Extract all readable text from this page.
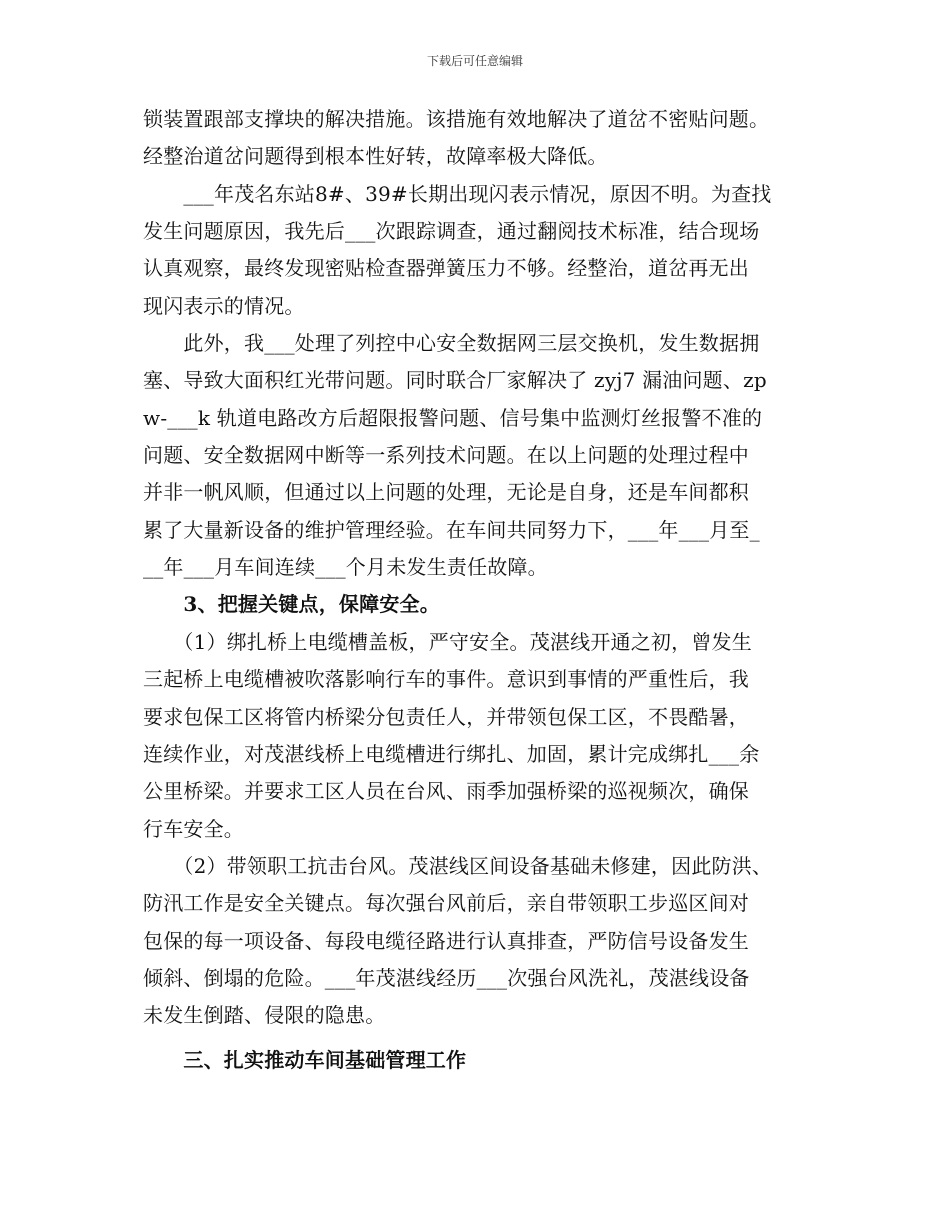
下载后可任意编辑
锁装置跟部支撑块的解决措施。该措施有效地解决了道岔不密贴问题。
经整治道岔问题得到根本性好转，故障率极大降低。
　　___年茂名东站8#、39#长期出现闪表示情况，原因不明。为查找
发生问题原因，我先后___次跟踪调查，通过翻阅技术标准，结合现场
认真观察，最终发现密贴检查器弹簧压力不够。经整治，道岔再无出
现闪表示的情况。
　　此外，我___处理了列控中心安全数据网三层交换机，发生数据拥
塞、导致大面积红光带问题。同时联合厂家解决了 zyj7 漏油问题、zp
w-___k 轨道电路改方后超限报警问题、信号集中监测灯丝报警不准的
问题、安全数据网中断等一系列技术问题。在以上问题的处理过程中
并非一帆风顺，但通过以上问题的处理，无论是自身，还是车间都积
累了大量新设备的维护管理经验。在车间共同努力下，___年___月至_
__年___月车间连续___个月未发生责任故障。
　　3、把握关键点，保障安全。
　　（1）绑扎桥上电缆槽盖板，严守安全。茂湛线开通之初，曾发生
三起桥上电缆槽被吹落影响行车的事件。意识到事情的严重性后，我
要求包保工区将管内桥梁分包责任人，并带领包保工区，不畏酷暑，
连续作业，对茂湛线桥上电缆槽进行绑扎、加固，累计完成绑扎___余
公里桥梁。并要求工区人员在台风、雨季加强桥梁的巡视频次，确保
行车安全。
　　（2）带领职工抗击台风。茂湛线区间设备基础未修建，因此防洪、
防汛工作是安全关键点。每次强台风前后，亲自带领职工步巡区间对
包保的每一项设备、每段电缆径路进行认真排查，严防信号设备发生
倾斜、倒塌的危险。___年茂湛线经历___次强台风洗礼，茂湛线设备
未发生倒踏、侵限的隐患。
　　三、扎实推动车间基础管理工作
